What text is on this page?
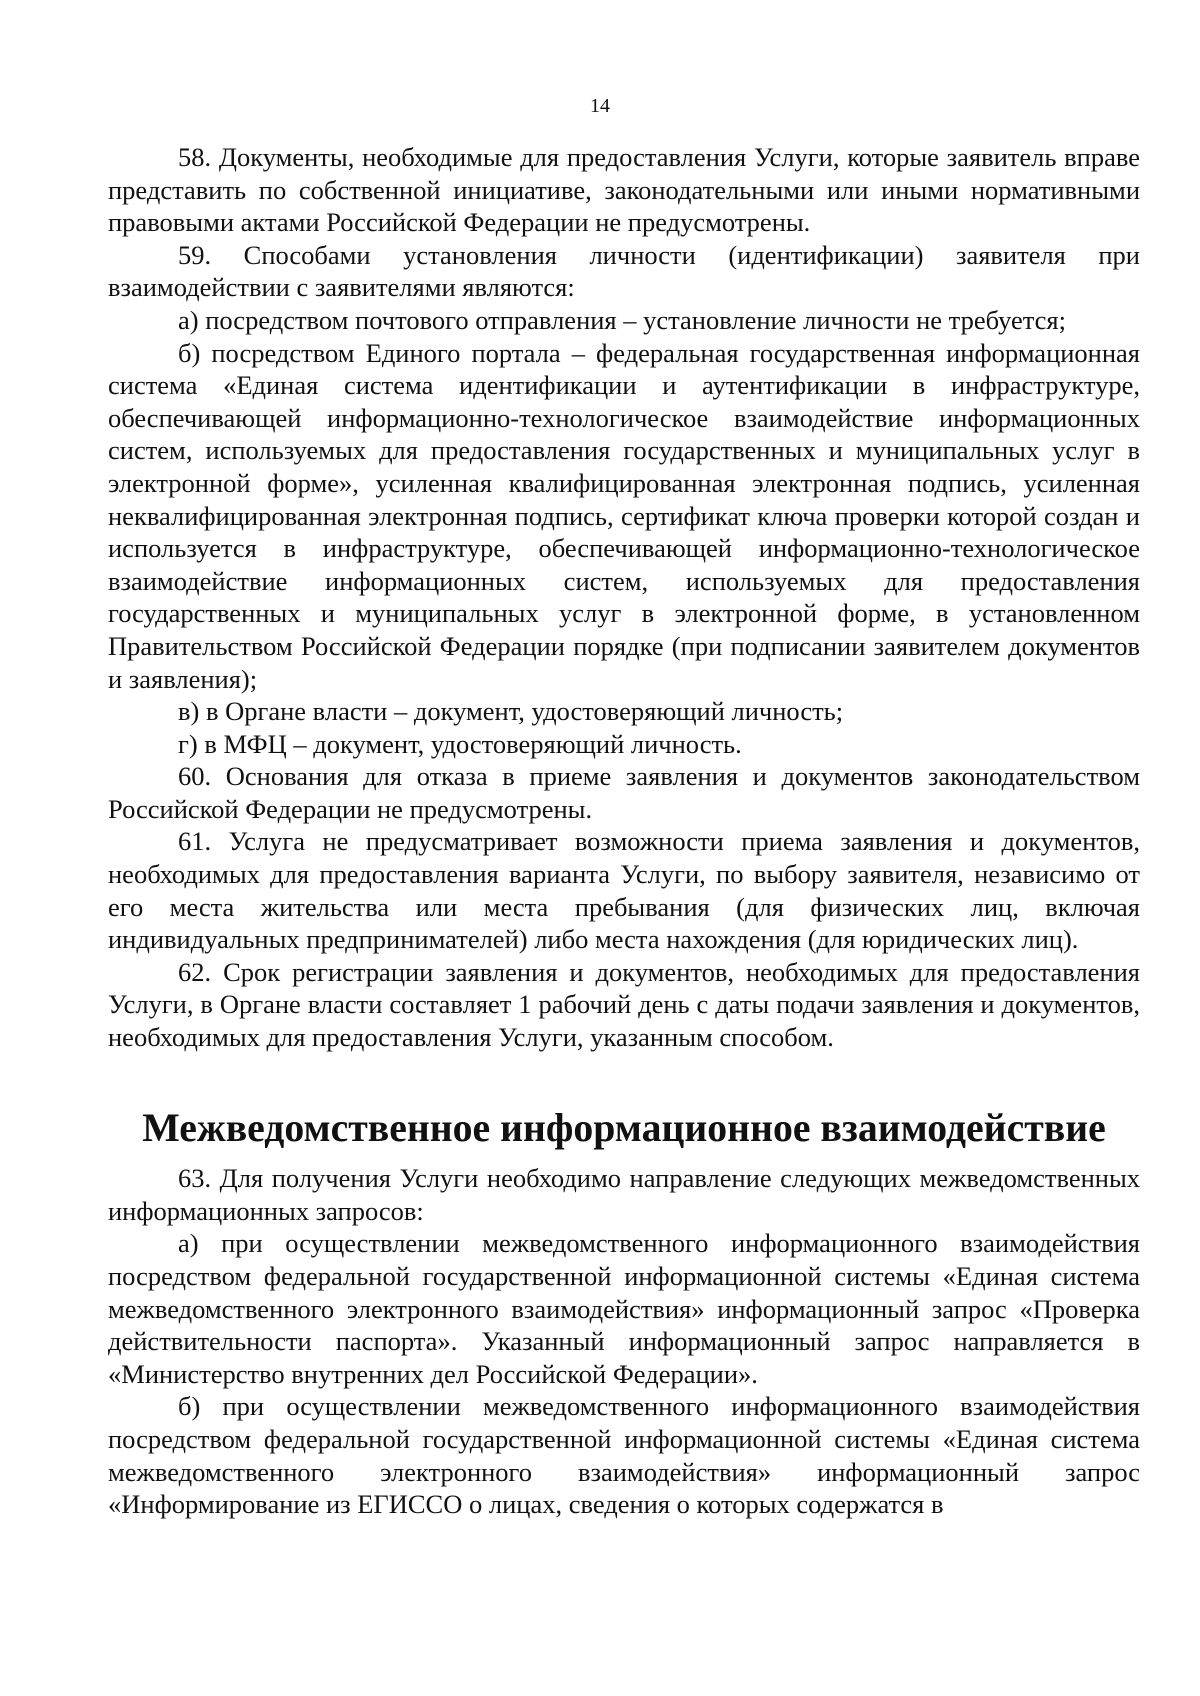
14

58. Документы, необходимые для предоставления Услуги, которые заявитель вправе представить по собственной инициативе, законодательными или иными нормативными правовыми актами Российской Федерации не предусмотрены.

59. Способами установления личности (идентификации) заявителя при взаимодействии с заявителями являются:

а) посредством почтового отправления – установление личности не требуется;

б) посредством Единого портала – федеральная государственная информационная система «Единая система идентификации и аутентификации в инфраструктуре, обеспечивающей информационно-технологическое взаимодействие информационных систем, используемых для предоставления государственных и муниципальных услуг в электронной форме», усиленная квалифицированная электронная подпись, усиленная неквалифицированная электронная подпись, сертификат ключа проверки которой создан и используется в инфраструктуре, обеспечивающей информационно-технологическое взаимодействие информационных систем, используемых для предоставления государственных и муниципальных услуг в электронной форме, в установленном Правительством Российской Федерации порядке (при подписании заявителем документов и заявления);

в) в Органе власти – документ, удостоверяющий личность;

г) в МФЦ – документ, удостоверяющий личность.

60. Основания для отказа в приеме заявления и документов законодательством Российской Федерации не предусмотрены.

61. Услуга не предусматривает возможности приема заявления и документов, необходимых для предоставления варианта Услуги, по выбору заявителя, независимо от его места жительства или места пребывания (для физических лиц, включая индивидуальных предпринимателей) либо места нахождения (для юридических лиц).

62. Срок регистрации заявления и документов, необходимых для предоставления Услуги, в Органе власти составляет 1 рабочий день с даты подачи заявления и документов, необходимых для предоставления Услуги, указанным способом.

Межведомственное информационное взаимодействие

63. Для получения Услуги необходимо направление следующих межведомственных информационных запросов:

а) при осуществлении межведомственного информационного взаимодействия посредством федеральной государственной информационной системы «Единая система межведомственного электронного взаимодействия» информационный запрос «Проверка действительности паспорта». Указанный информационный запрос направляется в «Министерство внутренних дел Российской Федерации».

б) при осуществлении межведомственного информационного взаимодействия посредством федеральной государственной информационной системы «Единая система межведомственного электронного взаимодействия» информационный запрос «Информирование из ЕГИССО о лицах, сведения о которых содержатся в
